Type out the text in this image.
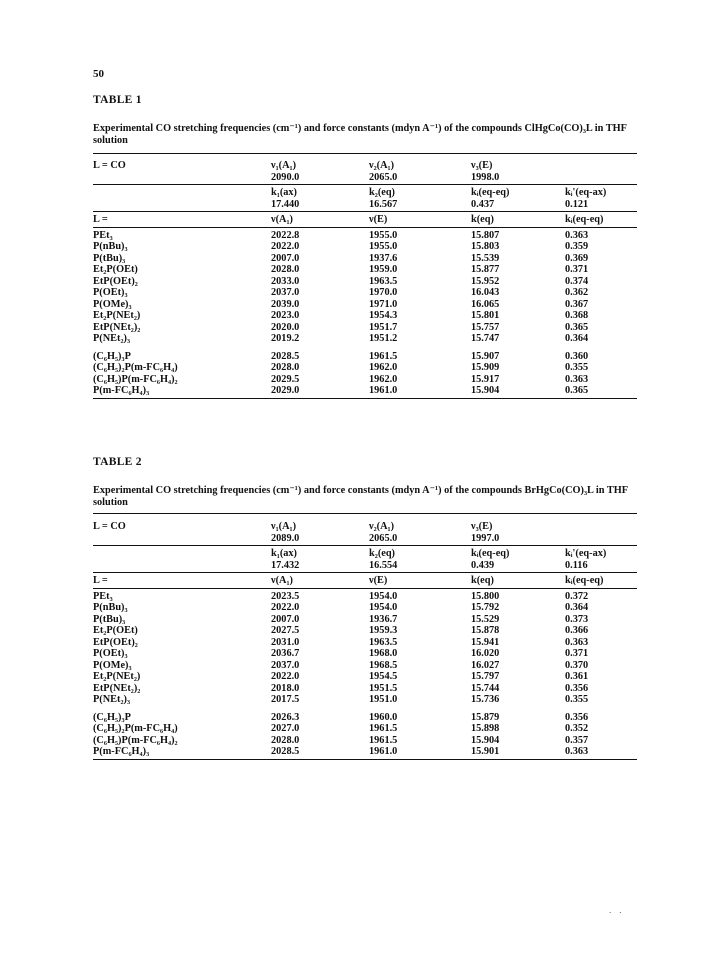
50
TABLE 1
Experimental CO stretching frequencies (cm⁻¹) and force constants (mdyn A⁻¹) of the compounds ClHgCo(CO)₃L in THF solution
L = CO	ν₁(A₁)	ν₂(A₁)	ν₃(E)
2090.0	2065.0	1998.0
k₁(ax)	k₂(eq)	kᵢ(eq-eq)	kᵢ'(eq-ax)
17.440	16.567	0.437	0.121
L =	ν(A₁)	ν(E)	k(eq)	kᵢ(eq-eq)
PEt₃	2022.8	1955.0	15.807	0.363
P(nBu)₃	2022.0	1955.0	15.803	0.359
P(tBu)₃	2007.0	1937.6	15.539	0.369
Et₂P(OEt)	2028.0	1959.0	15.877	0.371
EtP(OEt)₂	2033.0	1963.5	15.952	0.374
P(OEt)₃	2037.0	1970.0	16.043	0.362
P(OMe)₃	2039.0	1971.0	16.065	0.367
Et₂P(NEt₂)	2023.0	1954.3	15.801	0.368
EtP(NEt₂)₂	2020.0	1951.7	15.757	0.365
P(NEt₂)₃	2019.2	1951.2	15.747	0.364
(C₆H₅)₃P	2028.5	1961.5	15.907	0.360
(C₆H₅)₂P(m-FC₆H₄)	2028.0	1962.0	15.909	0.355
(C₆H₅)P(m-FC₆H₄)₂	2029.5	1962.0	15.917	0.363
P(m-FC₆H₄)₃	2029.0	1961.0	15.904	0.365
TABLE 2
Experimental CO stretching frequencies (cm⁻¹) and force constants (mdyn A⁻¹) of the compounds BrHgCo(CO)₃L in THF solution
L = CO	ν₁(A₁)	ν₂(A₁)	ν₃(E)
2089.0	2065.0	1997.0
k₁(ax)	k₂(eq)	kᵢ(eq-eq)	kᵢ'(eq-ax)
17.432	16.554	0.439	0.116
L =	ν(A₁)	ν(E)	k(eq)	kᵢ(eq-eq)
PEt₃	2023.5	1954.0	15.800	0.372
P(nBu)₃	2022.0	1954.0	15.792	0.364
P(tBu)₃	2007.0	1936.7	15.529	0.373
Et₂P(OEt)	2027.5	1959.3	15.878	0.366
EtP(OEt)₂	2031.0	1963.5	15.941	0.363
P(OEt)₃	2036.7	1968.0	16.020	0.371
P(OMe)₃	2037.0	1968.5	16.027	0.370
Et₂P(NEt₂)	2022.0	1954.5	15.797	0.361
EtP(NEt₂)₂	2018.0	1951.5	15.744	0.356
P(NEt₂)₃	2017.5	1951.0	15.736	0.355
(C₆H₅)₃P	2026.3	1960.0	15.879	0.356
(C₆H₅)₂P(m-FC₆H₄)	2027.0	1961.5	15.898	0.352
(C₆H₅)P(m-FC₆H₄)₂	2028.0	1961.5	15.904	0.357
P(m-FC₆H₄)₃	2028.5	1961.0	15.901	0.363
..
